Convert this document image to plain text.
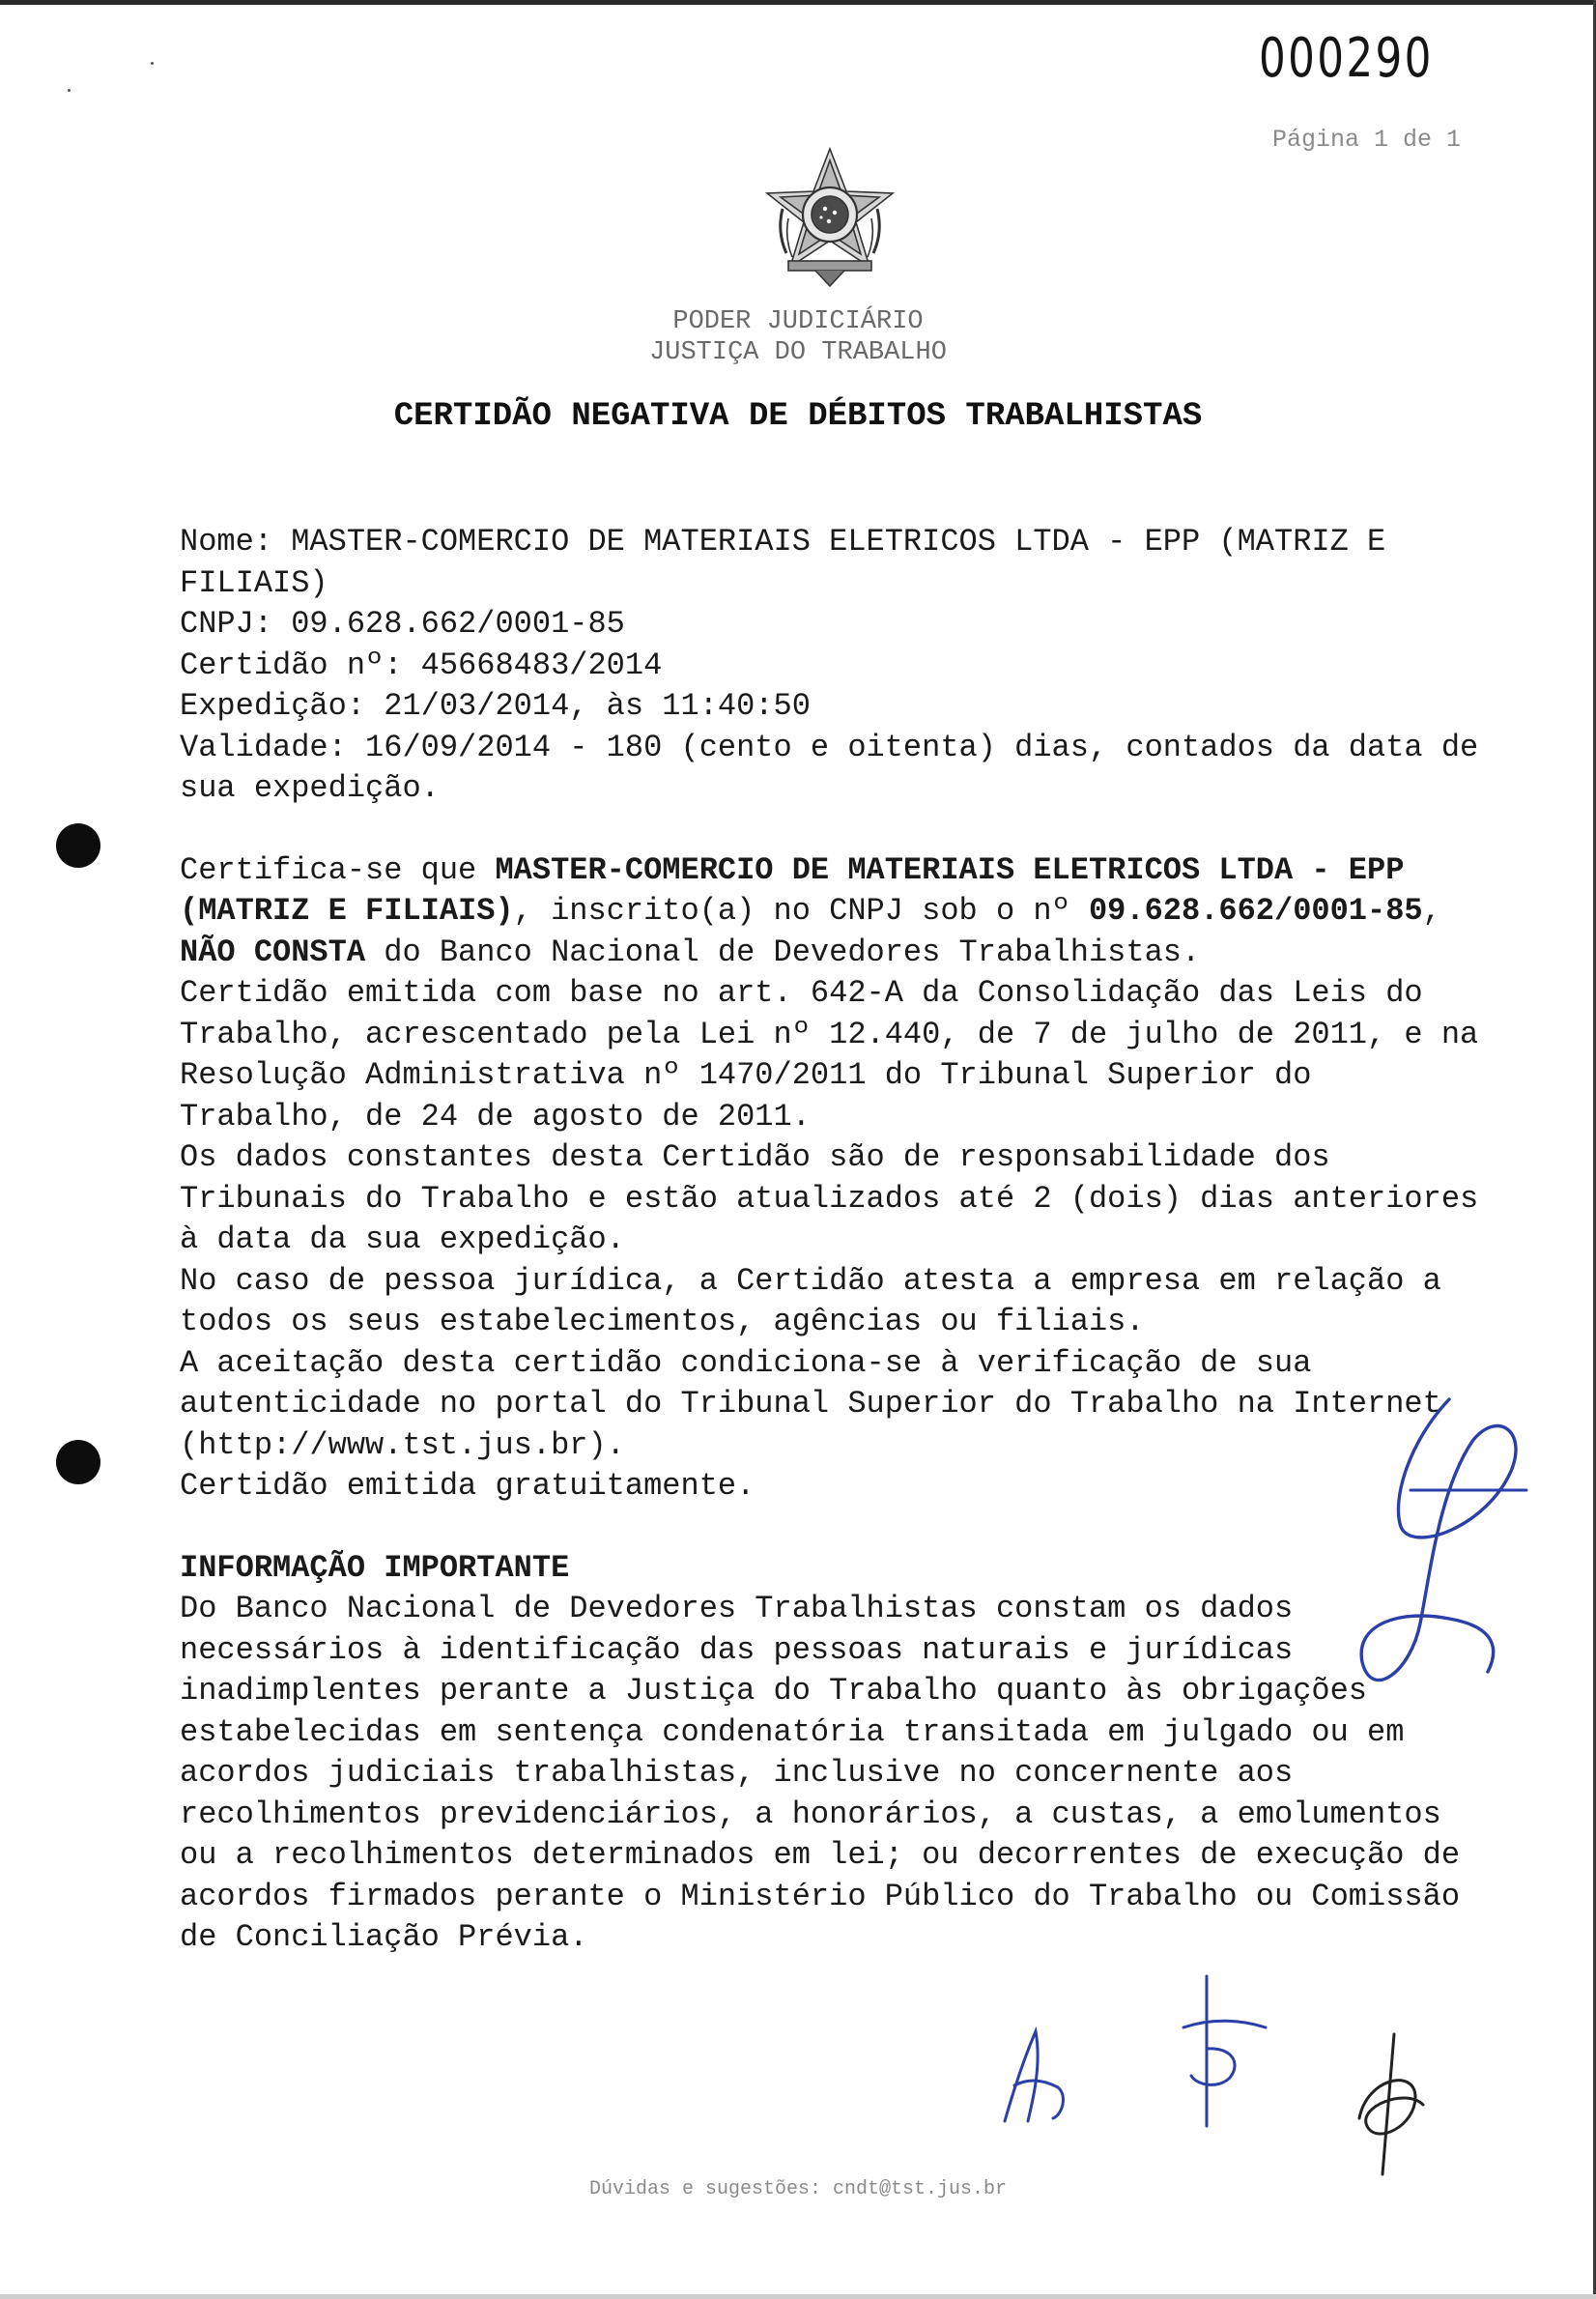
000290
Página 1 de 1
PODER JUDICIÁRIO
JUSTIÇA DO TRABALHO
CERTIDÃO NEGATIVA DE DÉBITOS TRABALHISTAS

Nome: MASTER-COMERCIO DE MATERIAIS ELETRICOS LTDA - EPP (MATRIZ E FILIAIS)

CNPJ: 09.628.662/0001-85

Certidão nº: 45668483/2014

Expedição: 21/03/2014, às 11:40:50

Validade: 16/09/2014 - 180 (cento e oitenta) dias, contados da data de sua expedição.

Certifica-se que MASTER-COMERCIO DE MATERIAIS ELETRICOS LTDA - EPP (MATRIZ E FILIAIS), inscrito(a) no CNPJ sob o nº 09.628.662/0001-85, NÃO CONSTA do Banco Nacional de Devedores Trabalhistas.

Certidão emitida com base no art. 642-A da Consolidação das Leis do Trabalho, acrescentado pela Lei nº 12.440, de 7 de julho de 2011, e na Resolução Administrativa nº 1470/2011 do Tribunal Superior do Trabalho, de 24 de agosto de 2011.

Os dados constantes desta Certidão são de responsabilidade dos Tribunais do Trabalho e estão atualizados até 2 (dois) dias anteriores à data da sua expedição.

No caso de pessoa jurídica, a Certidão atesta a empresa em relação a todos os seus estabelecimentos, agências ou filiais.

A aceitação desta certidão condiciona-se à verificação de sua autenticidade no portal do Tribunal Superior do Trabalho na Internet (http://www.tst.jus.br).

Certidão emitida gratuitamente.

INFORMAÇÃO IMPORTANTE

Do Banco Nacional de Devedores Trabalhistas constam os dados necessários à identificação das pessoas naturais e jurídicas inadimplentes perante a Justiça do Trabalho quanto às obrigações estabelecidas em sentença condenatória transitada em julgado ou em acordos judiciais trabalhistas, inclusive no concernente aos recolhimentos previdenciários, a honorários, a custas, a emolumentos ou a recolhimentos determinados em lei; ou decorrentes de execução de acordos firmados perante o Ministério Público do Trabalho ou Comissão de Conciliação Prévia.

Dúvidas e sugestões: cndt@tst.jus.br
